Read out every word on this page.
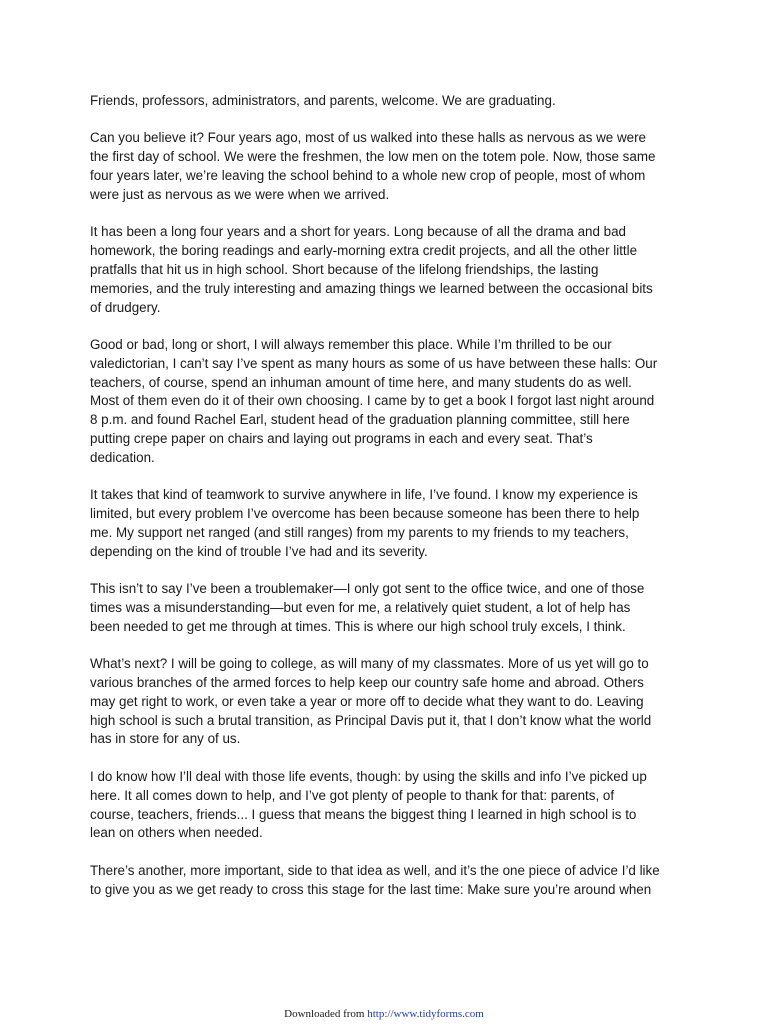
Friends, professors, administrators, and parents, welcome. We are graduating.

Can you believe it? Four years ago, most of us walked into these halls as nervous as we were
the first day of school. We were the freshmen, the low men on the totem pole. Now, those same
four years later, we’re leaving the school behind to a whole new crop of people, most of whom
were just as nervous as we were when we arrived.

It has been a long four years and a short for years. Long because of all the drama and bad
homework, the boring readings and early-morning extra credit projects, and all the other little
pratfalls that hit us in high school. Short because of the lifelong friendships, the lasting
memories, and the truly interesting and amazing things we learned between the occasional bits
of drudgery.

Good or bad, long or short, I will always remember this place. While I’m thrilled to be our
valedictorian, I can’t say I’ve spent as many hours as some of us have between these halls: Our
teachers, of course, spend an inhuman amount of time here, and many students do as well.
Most of them even do it of their own choosing. I came by to get a book I forgot last night around
8 p.m. and found Rachel Earl, student head of the graduation planning committee, still here
putting crepe paper on chairs and laying out programs in each and every seat. That’s
dedication.

It takes that kind of teamwork to survive anywhere in life, I’ve found. I know my experience is
limited, but every problem I’ve overcome has been because someone has been there to help
me. My support net ranged (and still ranges) from my parents to my friends to my teachers,
depending on the kind of trouble I’ve had and its severity.

This isn’t to say I’ve been a troublemaker—I only got sent to the office twice, and one of those
times was a misunderstanding—but even for me, a relatively quiet student, a lot of help has
been needed to get me through at times. This is where our high school truly excels, I think.

What’s next? I will be going to college, as will many of my classmates. More of us yet will go to
various branches of the armed forces to help keep our country safe home and abroad. Others
may get right to work, or even take a year or more off to decide what they want to do. Leaving
high school is such a brutal transition, as Principal Davis put it, that I don’t know what the world
has in store for any of us.

I do know how I’ll deal with those life events, though: by using the skills and info I’ve picked up
here. It all comes down to help, and I’ve got plenty of people to thank for that: parents, of
course, teachers, friends... I guess that means the biggest thing I learned in high school is to
lean on others when needed.

There’s another, more important, side to that idea as well, and it’s the one piece of advice I’d like
to give you as we get ready to cross this stage for the last time: Make sure you’re around when

Downloaded from http://www.tidyforms.com
